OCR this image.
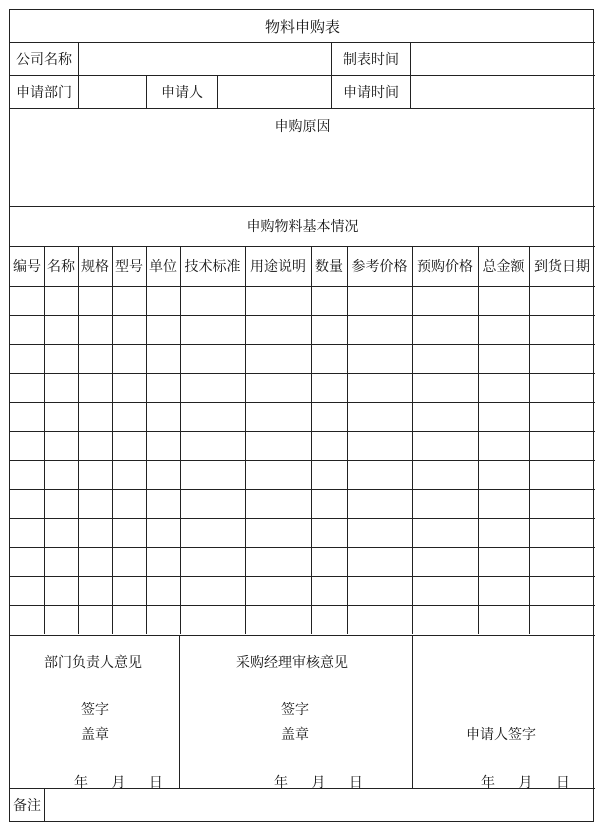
物料申购表
公司名称	制表时间
申请部门	申请人	申请时间
申购原因
申购物料基本情况
编号 名称 规格 型号 单位 技术标准 用途说明 数量 参考价格 预购价格 总金额 到货日期
部门负责人意见
签字
盖章
年 月 日
采购经理审核意见
签字
盖章
年 月 日
申请人签字
年 月 日
备注
